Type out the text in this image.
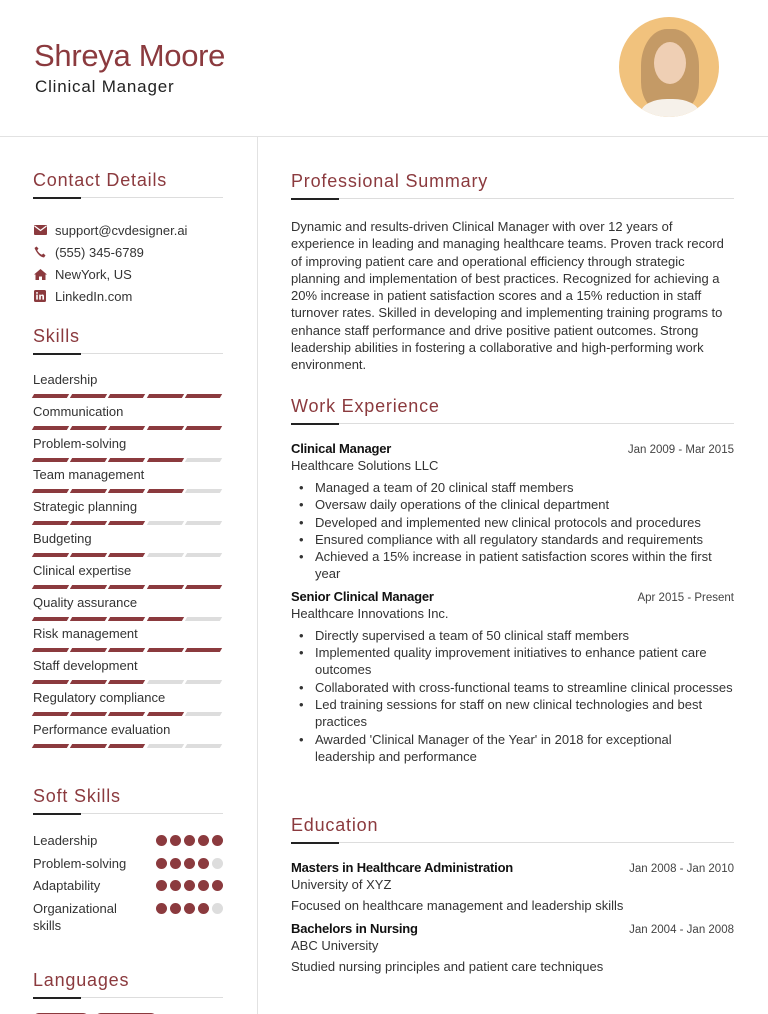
Shreya Moore
Clinical Manager
Contact Details
support@cvdesigner.ai
(555) 345-6789
NewYork, US
LinkedIn.com
Skills
Leadership
Communication
Problem-solving
Team management
Strategic planning
Budgeting
Clinical expertise
Quality assurance
Risk management
Staff development
Regulatory compliance
Performance evaluation
Soft Skills
Leadership
Problem-solving
Adaptability
Organizational skills
Languages
Professional Summary

Dynamic and results-driven Clinical Manager with over 12 years of experience in leading and managing healthcare teams. Proven track record of improving patient care and operational efficiency through strategic planning and implementation of best practices. Recognized for achieving a 20% increase in patient satisfaction scores and a 15% reduction in staff turnover rates. Skilled in developing and implementing training programs to enhance staff performance and drive positive patient outcomes. Strong leadership abilities in fostering a collaborative and high-performing work environment.

Work Experience
Clinical Manager	Jan 2009 - Mar 2015
Healthcare Solutions LLC
• Managed a team of 20 clinical staff members
• Oversaw daily operations of the clinical department
• Developed and implemented new clinical protocols and procedures
• Ensured compliance with all regulatory standards and requirements
• Achieved a 15% increase in patient satisfaction scores within the first year
Senior Clinical Manager	Apr 2015 - Present
Healthcare Innovations Inc.
• Directly supervised a team of 50 clinical staff members
• Implemented quality improvement initiatives to enhance patient care outcomes
• Collaborated with cross-functional teams to streamline clinical processes
• Led training sessions for staff on new clinical technologies and best practices
• Awarded 'Clinical Manager of the Year' in 2018 for exceptional leadership and performance
Education
Masters in Healthcare Administration	Jan 2008 - Jan 2010
University of XYZ
Focused on healthcare management and leadership skills
Bachelors in Nursing	Jan 2004 - Jan 2008
ABC University
Studied nursing principles and patient care techniques
